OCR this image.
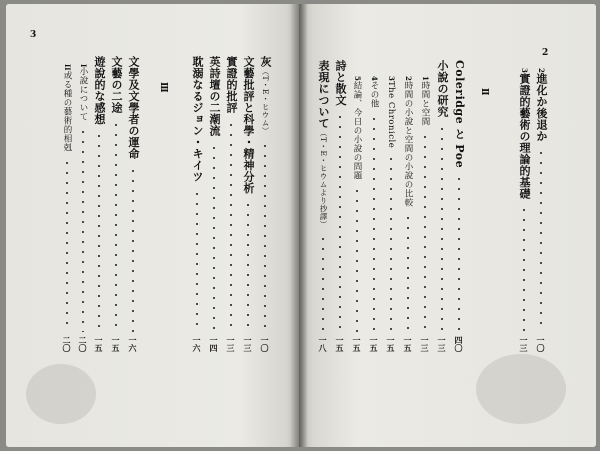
3
III
灰（T・E・ヒウム）
一〇
文藝批評と科學・精神分析
一三
實證的批評
一三
英詩壇の二潮流
一四
耽溺なるジョン・キイツ
一六
文學及文學者の運命
一六
文藝の二途
一五
遊說的な感想
一五
I
小說について
二〇
II
或る種の藝術的相剋
二〇
2
II
2
進化か後退か
一〇
3
實證的藝術の理論的基礎
一三
Coleridge と Poe
四〇
小說の研究
一三
1
時間と空間
一三
2
時間の小說と空間の小說の比較
一五
3
The Chronicle
一五
4
その他
一五
5
結論、今日の小說の問題
一五
詩と散文
一五
表現について（T・E・ヒウムより抄譯）
一八
